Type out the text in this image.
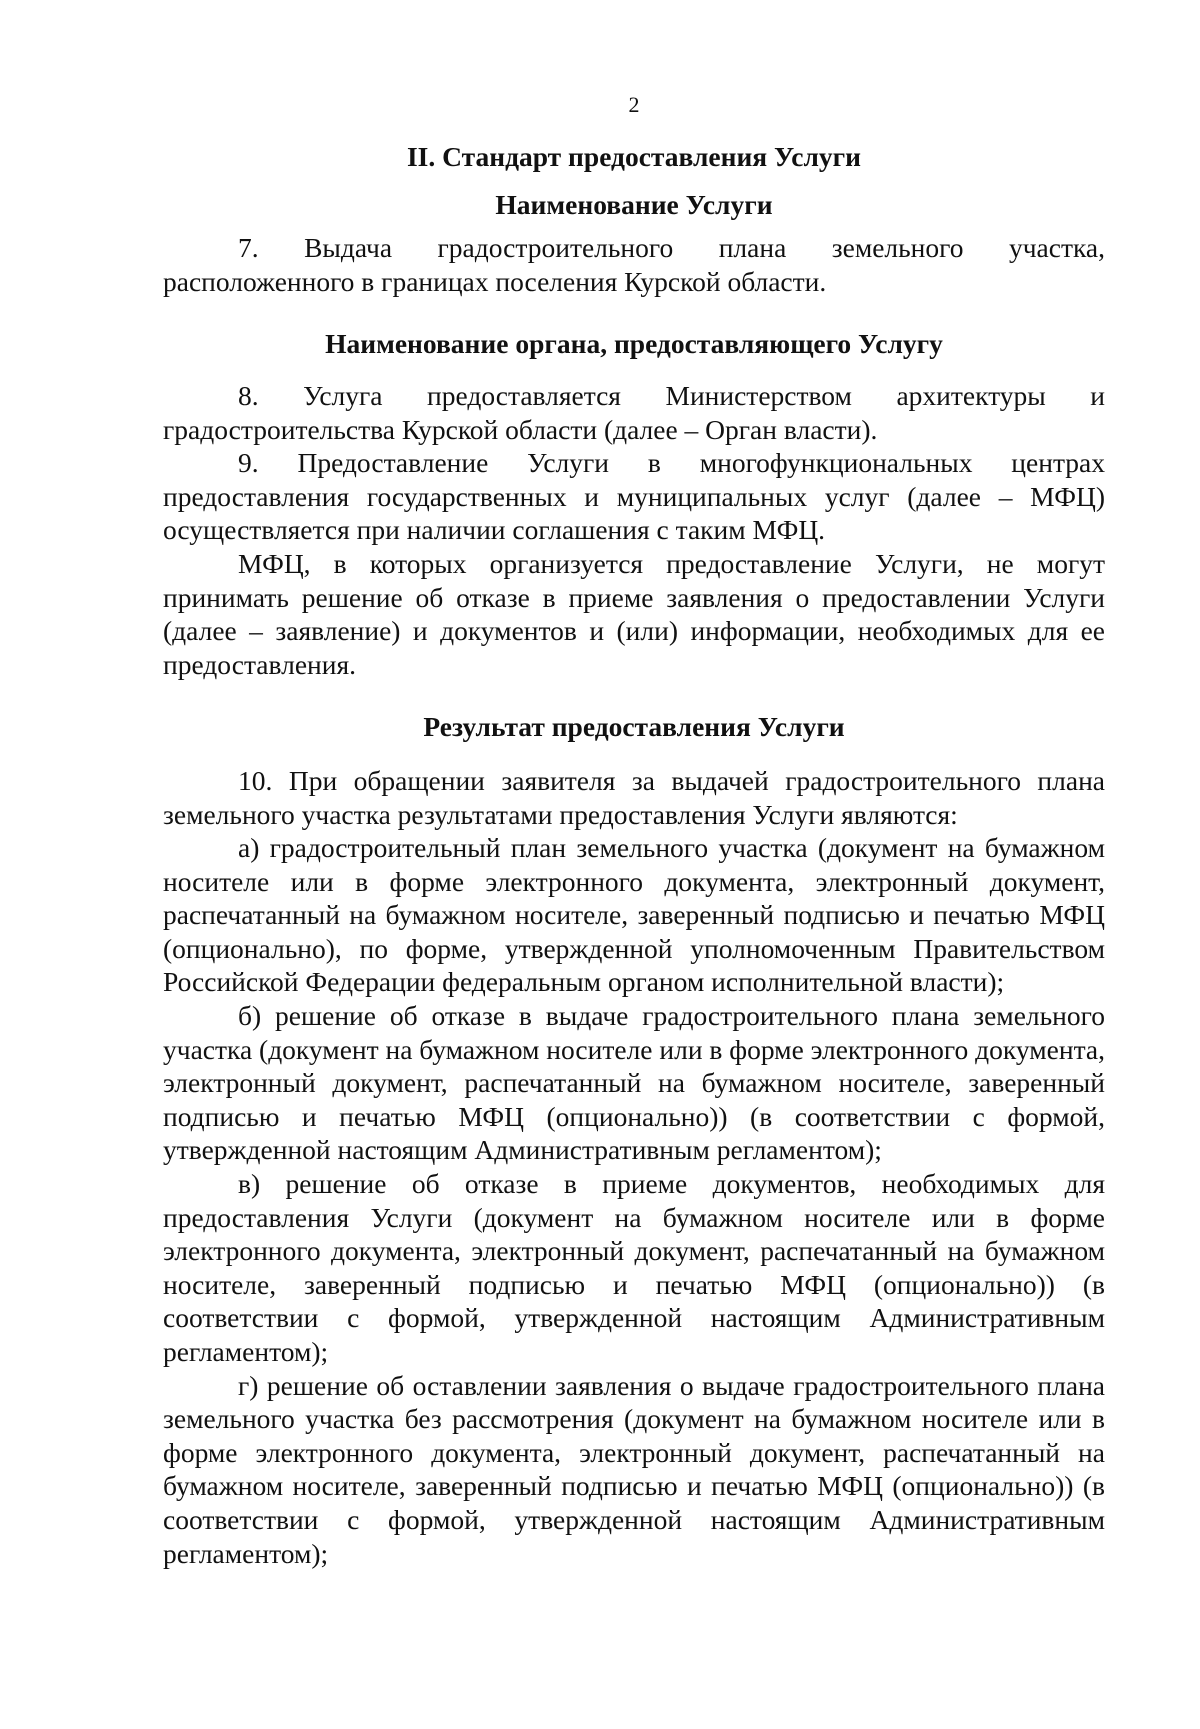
2

II. Стандарт предоставления Услуги

Наименование Услуги

7. Выдача градостроительного плана земельного участка, расположенного в границах поселения Курской области.

Наименование органа, предоставляющего Услугу

8. Услуга предоставляется Министерством архитектуры и градостроительства Курской области (далее – Орган власти).

9. Предоставление Услуги в многофункциональных центрах предоставления государственных и муниципальных услуг (далее – МФЦ) осуществляется при наличии соглашения с таким МФЦ.

МФЦ, в которых организуется предоставление Услуги, не могут принимать решение об отказе в приеме заявления о предоставлении Услуги (далее – заявление) и документов и (или) информации, необходимых для ее предоставления.

Результат предоставления Услуги

10. При обращении заявителя за выдачей градостроительного плана земельного участка результатами предоставления Услуги являются:

а) градостроительный план земельного участка (документ на бумажном носителе или в форме электронного документа, электронный документ, распечатанный на бумажном носителе, заверенный подписью и печатью МФЦ (опционально), по форме, утвержденной уполномоченным Правительством Российской Федерации федеральным органом исполнительной власти);

б) решение об отказе в выдаче градостроительного плана земельного участка (документ на бумажном носителе или в форме электронного документа, электронный документ, распечатанный на бумажном носителе, заверенный подписью и печатью МФЦ (опционально)) (в соответствии с формой, утвержденной настоящим Административным регламентом);

в) решение об отказе в приеме документов, необходимых для предоставления Услуги (документ на бумажном носителе или в форме электронного документа, электронный документ, распечатанный на бумажном носителе, заверенный подписью и печатью МФЦ (опционально)) (в соответствии с формой, утвержденной настоящим Административным регламентом);

г) решение об оставлении заявления о выдаче градостроительного плана земельного участка без рассмотрения (документ на бумажном носителе или в форме электронного документа, электронный документ, распечатанный на бумажном носителе, заверенный подписью и печатью МФЦ (опционально)) (в соответствии с формой, утвержденной настоящим Административным регламентом);
